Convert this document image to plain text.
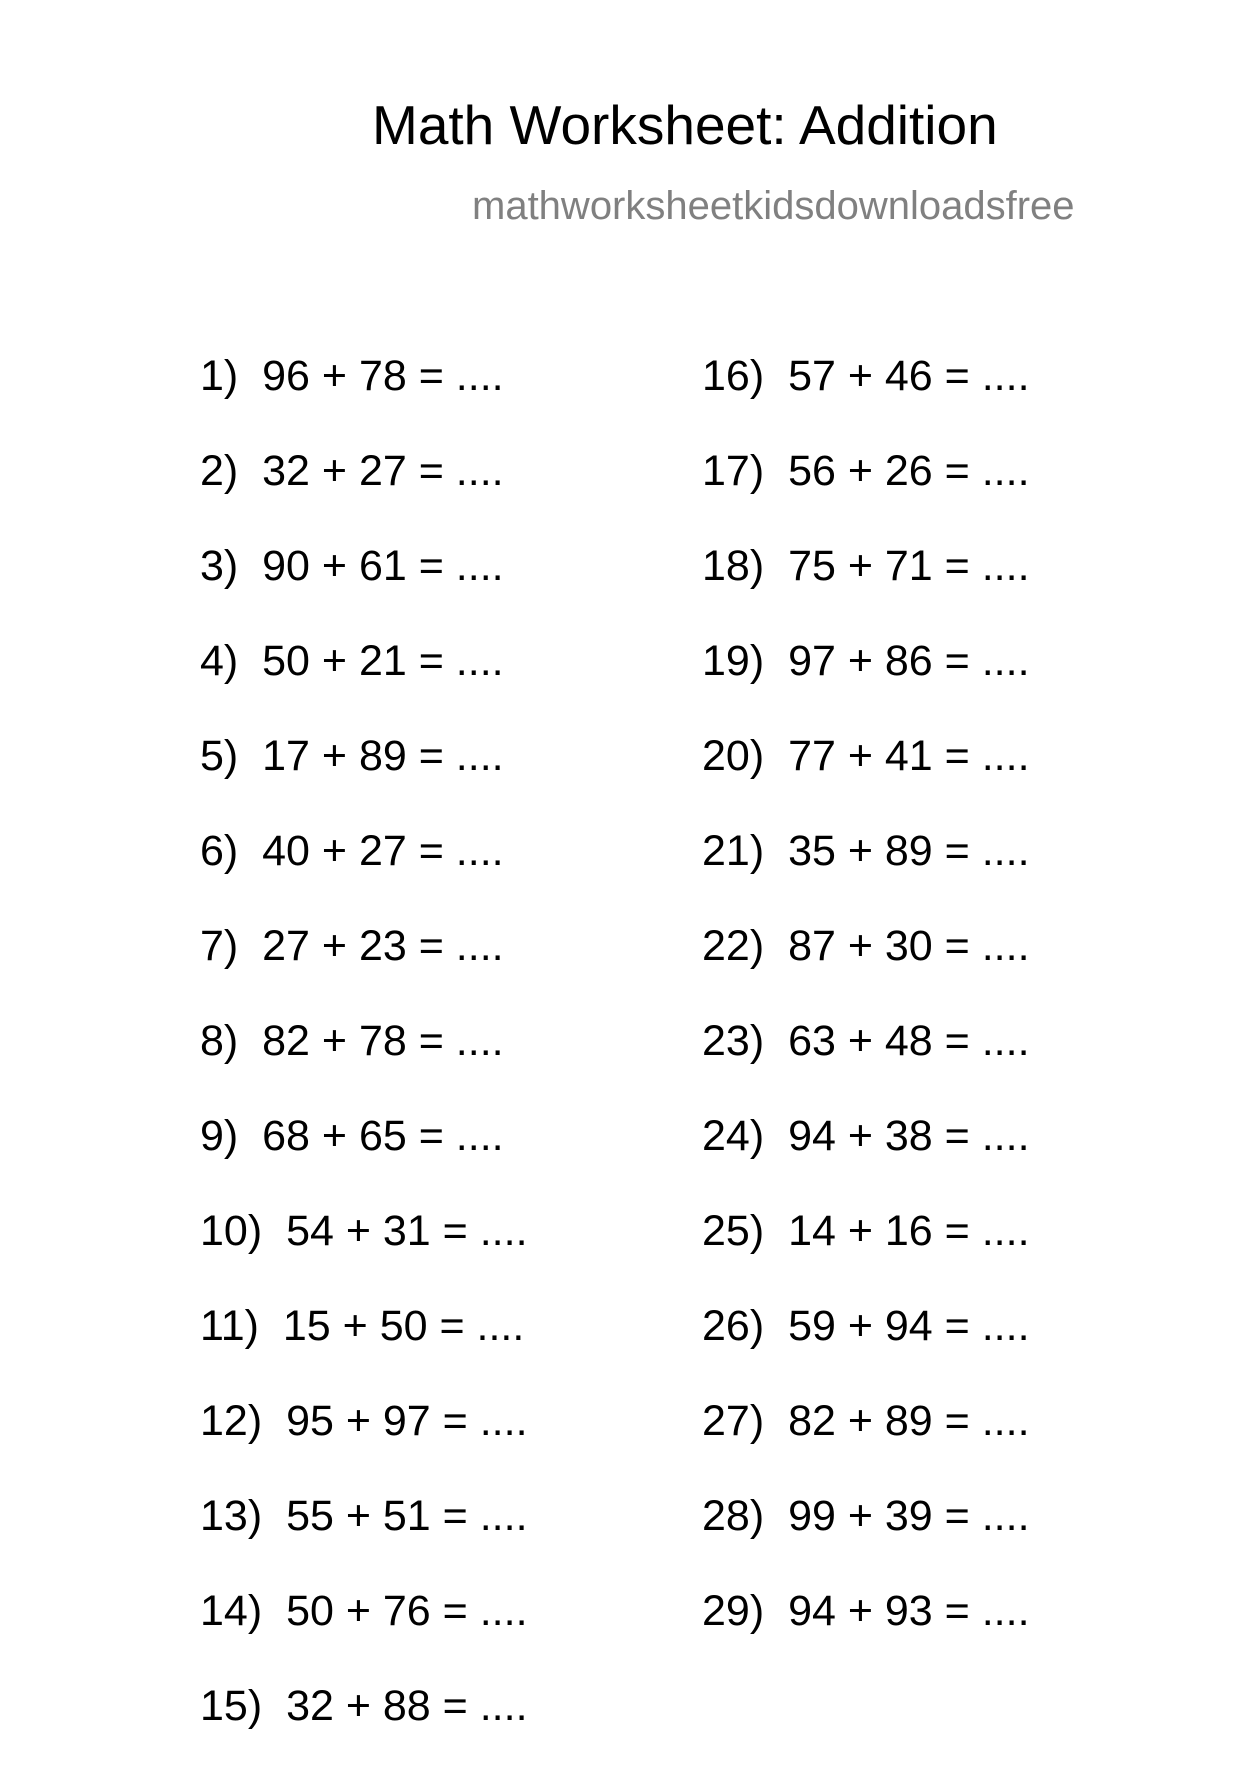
Math Worksheet: Addition
mathworksheetkidsdownloadsfree
1) 96 + 78 = ....
2) 32 + 27 = ....
3) 90 + 61 = ....
4) 50 + 21 = ....
5) 17 + 89 = ....
6) 40 + 27 = ....
7) 27 + 23 = ....
8) 82 + 78 = ....
9) 68 + 65 = ....
10) 54 + 31 = ....
11) 15 + 50 = ....
12) 95 + 97 = ....
13) 55 + 51 = ....
14) 50 + 76 = ....
15) 32 + 88 = ....
16) 57 + 46 = ....
17) 56 + 26 = ....
18) 75 + 71 = ....
19) 97 + 86 = ....
20) 77 + 41 = ....
21) 35 + 89 = ....
22) 87 + 30 = ....
23) 63 + 48 = ....
24) 94 + 38 = ....
25) 14 + 16 = ....
26) 59 + 94 = ....
27) 82 + 89 = ....
28) 99 + 39 = ....
29) 94 + 93 = ....
